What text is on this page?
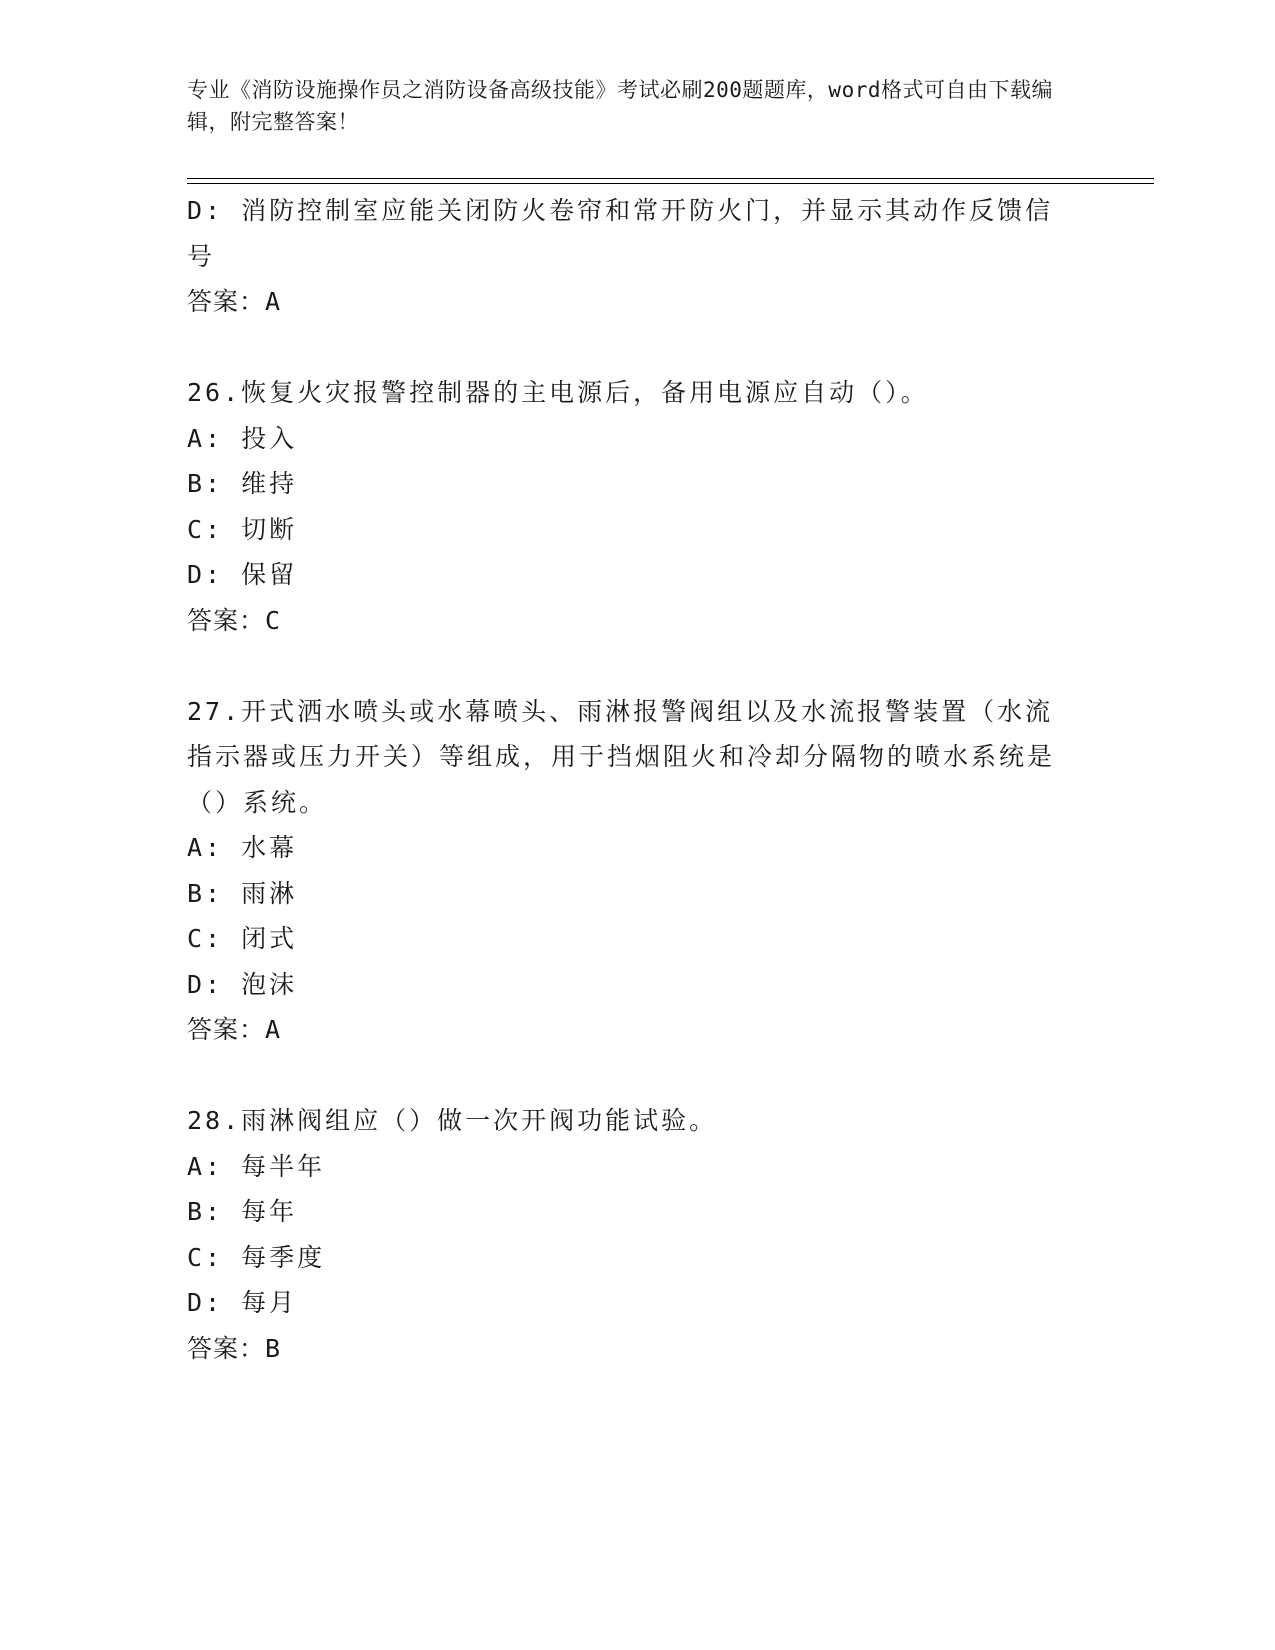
专业《消防设施操作员之消防设备高级技能》考试必刷200题题库，word格式可自由下载编辑，附完整答案！

D: 消防控制室应能关闭防火卷帘和常开防火门，并显示其动作反馈信号

答案：A

26.恢复火灾报警控制器的主电源后，备用电源应自动（）。

A: 投入

B: 维持

C: 切断

D: 保留

答案：C

27.开式洒水喷头或水幕喷头、雨淋报警阀组以及水流报警装置（水流指示器或压力开关）等组成，用于挡烟阻火和冷却分隔物的喷水系统是（）系统。

A: 水幕

B: 雨淋

C: 闭式

D: 泡沫

答案：A

28.雨淋阀组应（）做一次开阀功能试验。

A: 每半年

B: 每年

C: 每季度

D: 每月

答案：B
